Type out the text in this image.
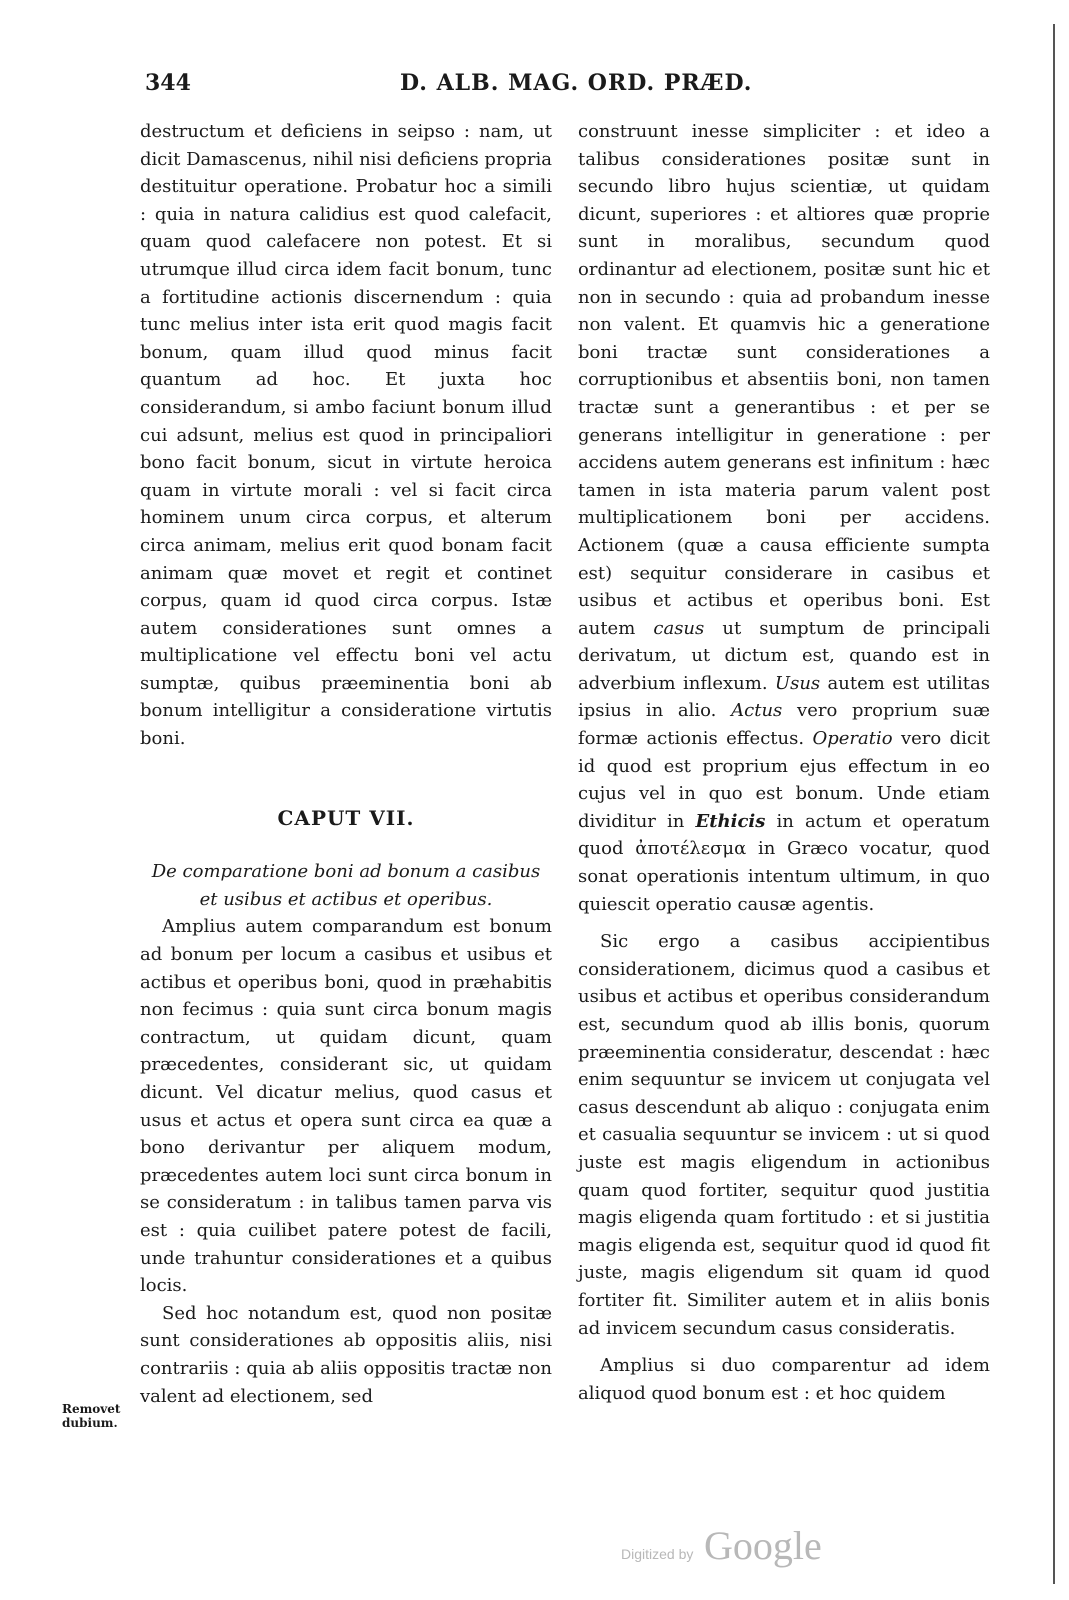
344	D. ALB. MAG. ORD. PRÆD.

destructum et deficiens in seipso : nam, ut dicit Damascenus, nihil nisi deficiens propria destituitur operatione. Probatur hoc a simili : quia in natura calidius est quod calefacit, quam quod calefacere non potest. Et si utrumque illud circa idem facit bonum, tunc a fortitudine actionis discernendum : quia tunc melius inter ista erit quod magis facit bonum, quam illud quod minus facit quantum ad hoc. Et juxta hoc considerandum, si ambo faciunt bonum illud cui adsunt, melius est quod in principaliori bono facit bonum, sicut in virtute heroica quam in virtute morali : vel si facit circa hominem unum circa corpus, et alterum circa animam, melius erit quod bonam facit animam quæ movet et regit et continet corpus, quam id quod circa corpus. Istæ autem considerationes sunt omnes a multiplicatione vel effectu boni vel actu sumptæ, quibus præeminentia boni ab bonum intelligitur a consideratione virtutis boni.

CAPUT VII.

De comparatione boni ad bonum a casibus et usibus et actibus et operibus.

Amplius autem comparandum est bonum ad bonum per locum a casibus et usibus et actibus et operibus boni, quod in præhabitis non fecimus : quia sunt circa bonum magis contractum, ut quidam dicunt, quam præcedentes, considerant sic, ut quidam dicunt. Vel dicatur melius, quod casus et usus et actus et opera sunt circa ea quæ a bono derivantur per aliquem modum, præcedentes autem loci sunt circa bonum in se consideratum : in talibus tamen parva vis est : quia cuilibet patere potest de facili, unde trahuntur considerationes et a quibus locis.

Sed hoc notandum est, quod non positæ sunt considerationes ab oppositis aliis, nisi contrariis : quia ab aliis oppositis tractæ non valent ad electionem, sed

Removet dubium.

construunt inesse simpliciter : et ideo a talibus considerationes positæ sunt in secundo libro hujus scientiæ, ut quidam dicunt, superiores : et altiores quæ proprie sunt in moralibus, secundum quod ordinantur ad electionem, positæ sunt hic et non in secundo : quia ad probandum inesse non valent. Et quamvis hic a generatione boni tractæ sunt considerationes a corruptionibus et absentiis boni, non tamen tractæ sunt a generantibus : et per se generans intelligitur in generatione : per accidens autem generans est infinitum : hæc tamen in ista materia parum valent post multiplicationem boni per accidens. Actionem (quæ a causa efficiente sumpta est) sequitur considerare in casibus et usibus et actibus et operibus boni. Est autem casus ut sumptum de principali derivatum, ut dictum est, quando est in adverbium inflexum. Usus autem est utilitas ipsius in alio. Actus vero proprium suæ formæ actionis effectus. Operatio vero dicit id quod est proprium ejus effectum in eo cujus vel in quo est bonum. Unde etiam dividitur in Ethicis in actum et operatum quod ἀποτέλεσμα in Græco vocatur, quod sonat operationis intentum ultimum, in quo quiescit operatio causæ agentis.

Sic ergo a casibus accipientibus considerationem, dicimus quod a casibus et usibus et actibus et operibus considerandum est, secundum quod ab illis bonis, quorum præeminentia consideratur, descendat : hæc enim sequuntur se invicem ut conjugata vel casus descendunt ab aliquo : conjugata enim et casualia sequuntur se invicem : ut si quod juste est magis eligendum in actionibus quam quod fortiter, sequitur quod justitia magis eligenda quam fortitudo : et si justitia magis eligenda est, sequitur quod id quod fit juste, magis eligendum sit quam id quod fortiter fit. Similiter autem et in aliis bonis ad invicem secundum casus consideratis.

Amplius si duo comparentur ad idem aliquod quod bonum est : et hoc quidem

Digitized by Google
